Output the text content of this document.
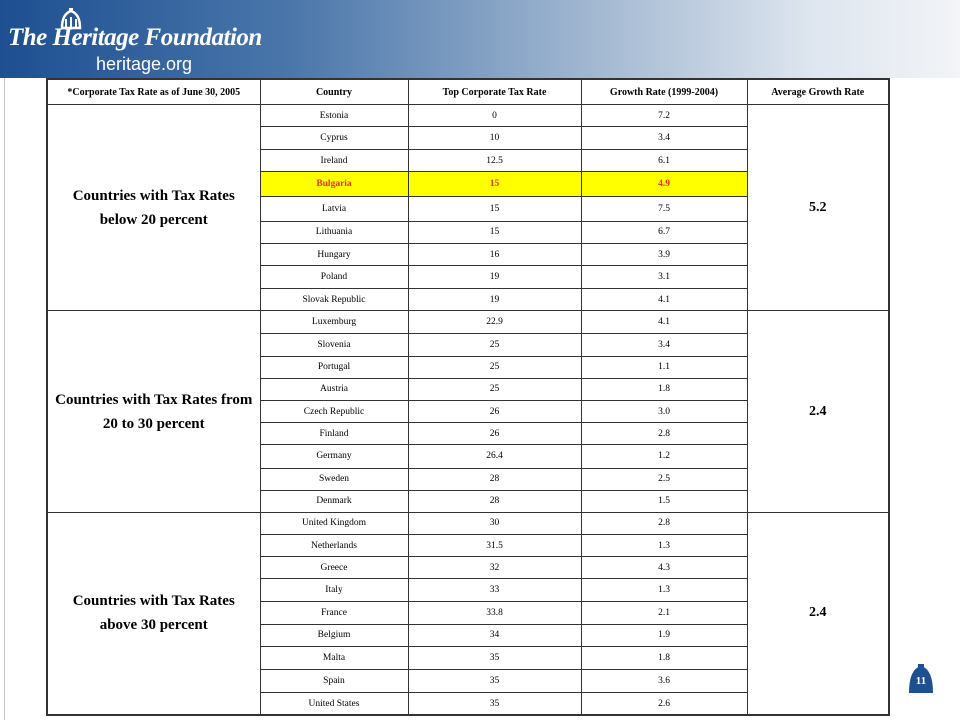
The Heritage Foundation
heritage.org
*Corporate Tax Rate as of June 30, 2005	Country	Top Corporate Tax Rate	Growth Rate (1999-2004)	Average Growth Rate
Countries with Tax Rates below 20 percent	Estonia	0	7.2	5.2
	Cyprus	10	3.4	
	Ireland	12.5	6.1	
	Bulgaria	15	4.9	
	Latvia	15	7.5	
	Lithuania	15	6.7	
	Hungary	16	3.9	
	Poland	19	3.1	
	Slovak Republic	19	4.1	
Countries with Tax Rates from 20 to 30 percent	Luxemburg	22.9	4.1	2.4
	Slovenia	25	3.4	
	Portugal	25	1.1	
	Austria	25	1.8	
	Czech Republic	26	3.0	
	Finland	26	2.8	
	Germany	26.4	1.2	
	Sweden	28	2.5	
	Denmark	28	1.5	
Countries with Tax Rates above 30 percent	United Kingdom	30	2.8	2.4
	Netherlands	31.5	1.3	
	Greece	32	4.3	
	Italy	33	1.3	
	France	33.8	2.1	
	Belgium	34	1.9	
	Malta	35	1.8	
	Spain	35	3.6	
	United States	35	2.6	
11
